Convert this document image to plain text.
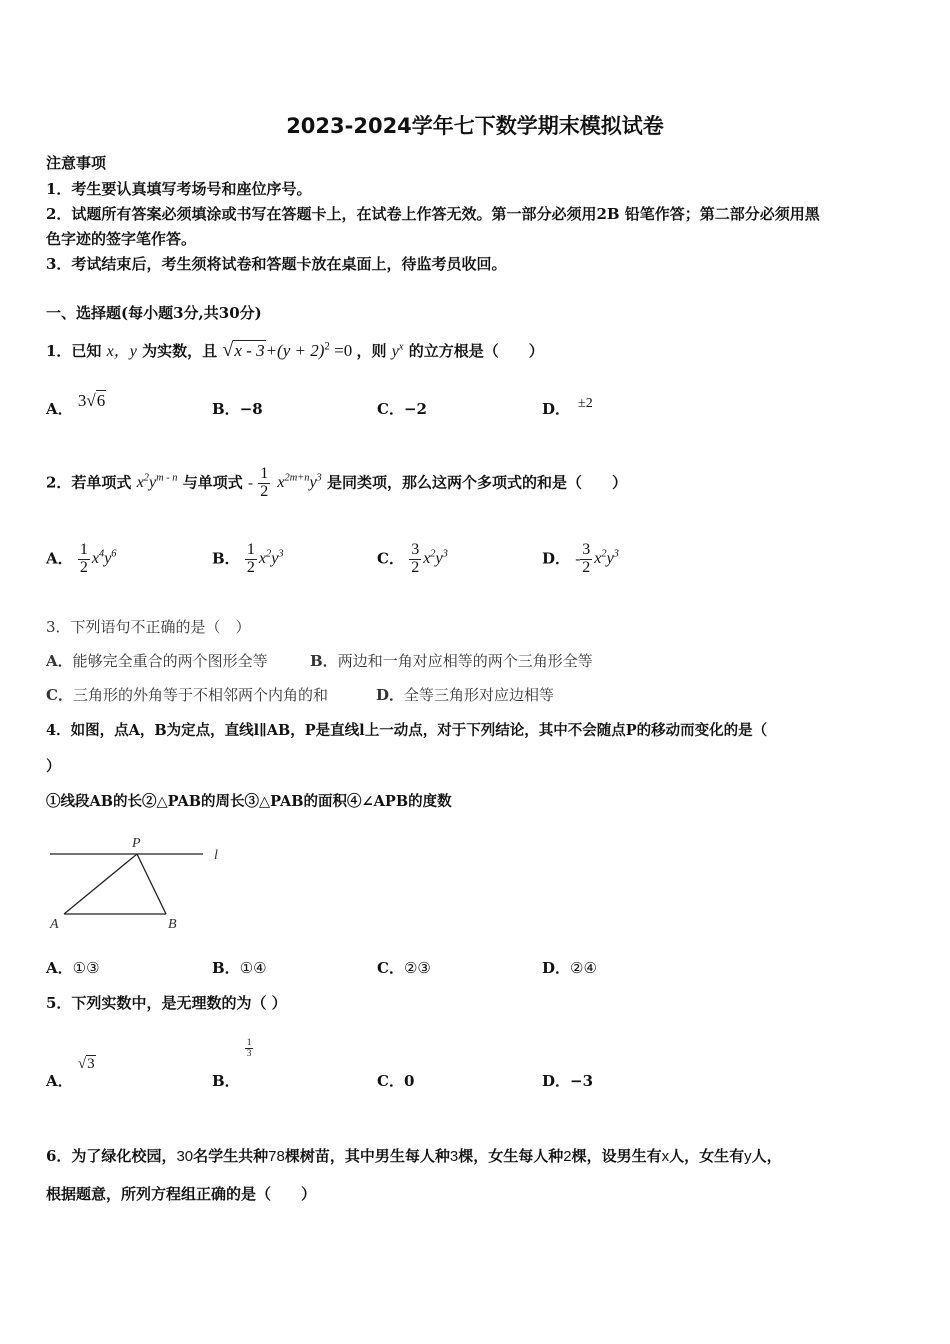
2023-2024学年七下数学期末模拟试卷
注意事项
1．考生要认真填写考场号和座位序号。
2．试题所有答案必须填涂或书写在答题卡上，在试卷上作答无效。第一部分必须用2B 铅笔作答；第二部分必须用黑
色字迹的签字笔作答。
3．考试结束后，考生须将试卷和答题卡放在桌面上，待监考员收回。
一、选择题(每小题3分,共30分)
1．已知 x，y 为实数，且 $√x - 3+(y + 2)^2 =0$ ，则 $y^x$ 的立方根是（　　）
A． 3√6	B．−8	C．−2	D． ±2
2．若单项式 $x^2y^{m - n}$ 与单项式 - $\frac{1}{2} x^{2m+n}y^3$ 是同类项，那么这两个多项式的和是（　　）
A． $\frac{1}{2} x^4y^6$	B． $\frac{1}{2} x^2y^3$	C． $\frac{3}{2} x^2y^3$	D． - $\frac{3}{2} x^2y^3$
3．下列语句不正确的是（　）
A．能够完全重合的两个图形全等	B．两边和一角对应相等的两个三角形全等
C．三角形的外角等于不相邻两个内角的和	D．全等三角形对应边相等
4．如图，点A，B为定点，直线l∥AB，P是直线l上一动点，对于下列结论，其中不会随点P的移动而变化的是（
）
①线段AB的长②△PAB的周长③△PAB的面积④∠APB的度数
P
l
A	B
A．①③	B．①④	C．②③	D．②④
5．下列实数中，是无理数的为（ ）
A． √3
B．
$\frac{1}{3}$
C．0	D．−3
6．为了绿化校园，30名学生共种78棵树苗，其中男生每人种3棵，女生每人种2棵，设男生有x人，女生有y人，
根据题意，所列方程组正确的是（　　）
